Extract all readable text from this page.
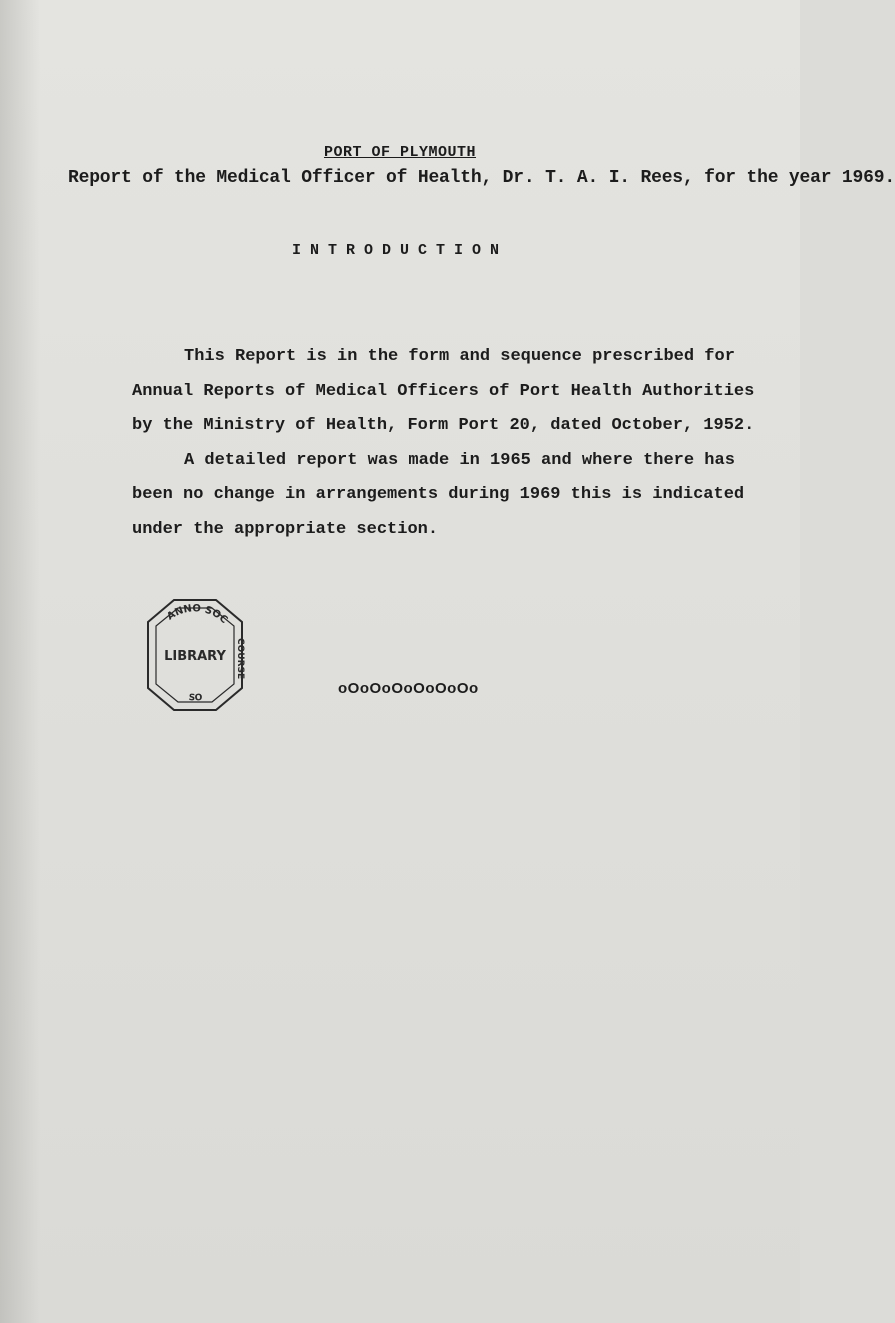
PORT OF PLYMOUTH
Report of the Medical Officer of Health, Dr. T. A. I. Rees, for the year 1969.
INTRODUCTION
This Report is in the form and sequence prescribed for
Annual Reports of Medical Officers of Port Health Authorities
by the Ministry of Health, Form Port 20, dated October, 1952.
A detailed report was made in 1965 and where there has
been no change in arrangements during 1969 this is indicated
under the appropriate section.
ANNO SOC
COURSE
LIBRARY
SO
oOoOoOoOoOoOo
